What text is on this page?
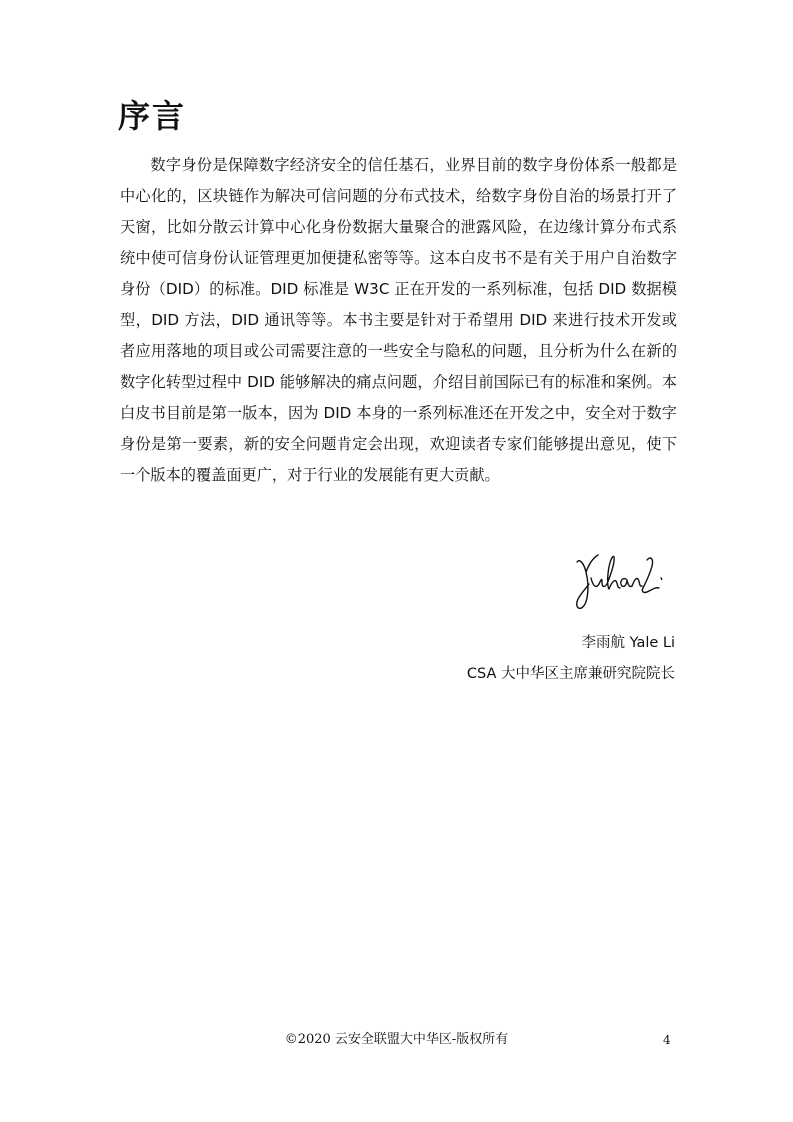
序言

数字身份是保障数字经济安全的信任基石，业界目前的数字身份体系一般都是中心化的，区块链作为解决可信问题的分布式技术，给数字身份自治的场景打开了天窗，比如分散云计算中心化身份数据大量聚合的泄露风险，在边缘计算分布式系统中使可信身份认证管理更加便捷私密等等。这本白皮书不是有关于用户自治数字身份（DID）的标准。DID 标准是 W3C 正在开发的一系列标准，包括 DID 数据模型，DID 方法，DID 通讯等等。本书主要是针对于希望用 DID 来进行技术开发或者应用落地的项目或公司需要注意的一些安全与隐私的问题，且分析为什么在新的数字化转型过程中 DID 能够解决的痛点问题，介绍目前国际已有的标准和案例。本白皮书目前是第一版本，因为 DID 本身的一系列标准还在开发之中，安全对于数字身份是第一要素，新的安全问题肯定会出现，欢迎读者专家们能够提出意见，使下一个版本的覆盖面更广，对于行业的发展能有更大贡献。

李雨航 Yale Li
CSA 大中华区主席兼研究院院长
©2020 云安全联盟大中华区-版权所有	4
